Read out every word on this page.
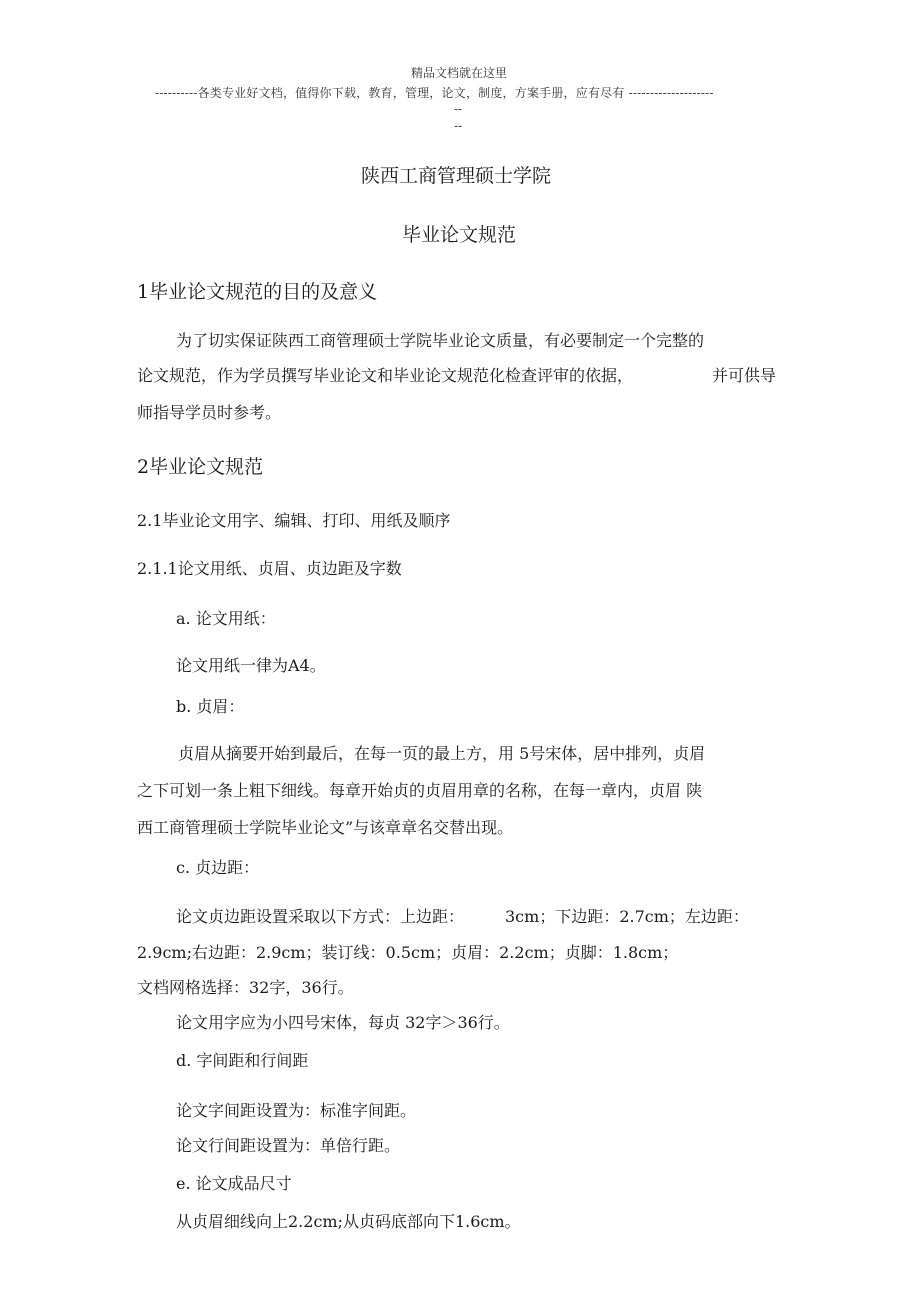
精品文档就在这里
----------各类专业好文档，值得你下载，教育，管理，论文，制度，方案手册，应有尽有 --------------------
--
--
陕西工商管理硕士学院
毕业论文规范
1毕业论文规范的目的及意义
为了切实保证陕西工商管理硕士学院毕业论文质量，有必要制定一个完整的
论文规范，作为学员撰写毕业论文和毕业论文规范化检查评审的依据，	并可供导
师指导学员时参考。
2毕业论文规范
2.1毕业论文用字、编辑、打印、用纸及顺序
2.1.1论文用纸、贞眉、贞边距及字数
a. 论文用纸：
论文用纸一律为A4。
b. 贞眉：
贞眉从摘要开始到最后，在每一页的最上方，用 5号宋体，居中排列，贞眉
之下可划一条上粗下细线。每章开始贞的贞眉用章的名称，在每一章内，贞眉 陕
西工商管理硕士学院毕业论文”与该章章名交替出现。
c. 贞边距：
论文贞边距设置采取以下方式：上边距：	3cm；下边距：2.7cm；左边距：
2.9cm;右边距：2.9cm；装订线：0.5cm；贞眉：2.2cm；贞脚：1.8cm；
文档网格选择：32字，36行。
论文用字应为小四号宋体，每贞 32字＞36行。
d. 字间距和行间距
论文字间距设置为：标准字间距。
论文行间距设置为：单倍行距。
e. 论文成品尺寸
从贞眉细线向上2.2cm;从贞码底部向下1.6cm。
